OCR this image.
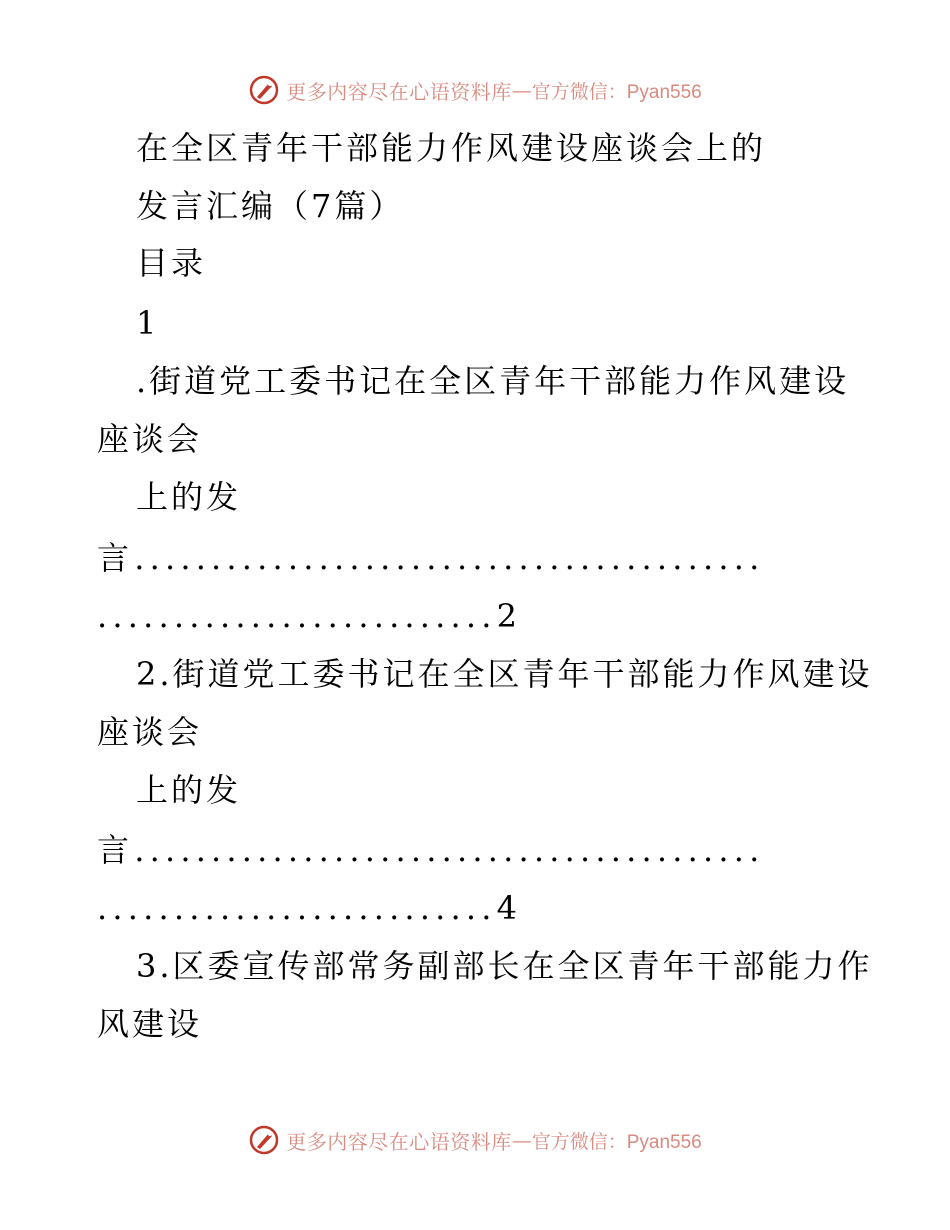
更多内容尽在心语资料库 — 官方微信：Pyan556
在全区青年干部能力作风建设座谈会上的
发言汇编（7篇）
目录
1
.街道党工委书记在全区青年干部能力作风建设
座谈会
上的发
言.........................................
..........................2
2.街道党工委书记在全区青年干部能力作风建设
座谈会
上的发
言.........................................
..........................4
3.区委宣传部常务副部长在全区青年干部能力作
风建设
更多内容尽在心语资料库 — 官方微信：Pyan556
